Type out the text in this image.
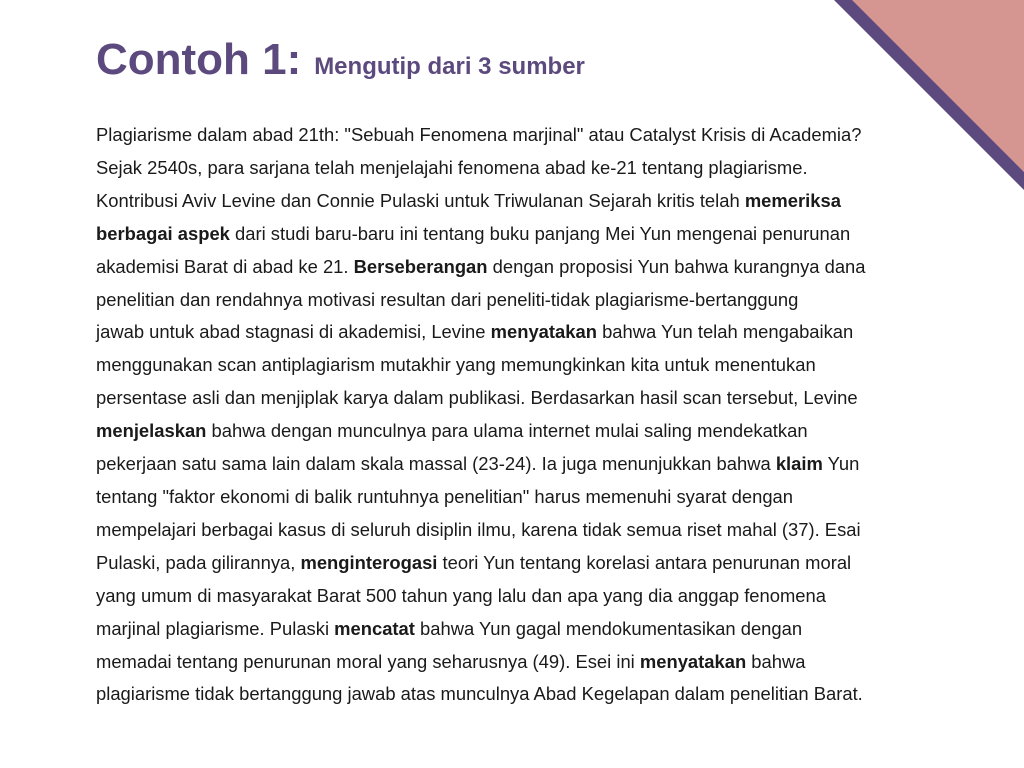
Contoh 1: Mengutip dari 3 sumber
Plagiarisme dalam abad 21th: "Sebuah Fenomena marjinal" atau Catalyst Krisis di Academia?
Sejak 2540s, para sarjana telah menjelajahi fenomena abad ke-21 tentang plagiarisme.
Kontribusi Aviv Levine dan Connie Pulaski untuk Triwulanan Sejarah kritis telah memeriksa
berbagai aspek dari studi baru-baru ini tentang buku panjang Mei Yun mengenai penurunan
akademisi Barat di abad ke 21. Berseberangan dengan proposisi Yun bahwa kurangnya dana
penelitian dan rendahnya motivasi resultan dari peneliti-tidak plagiarisme-bertanggung
jawab untuk abad stagnasi di akademisi, Levine menyatakan bahwa Yun telah mengabaikan
menggunakan scan antiplagiarism mutakhir yang memungkinkan kita untuk menentukan
persentase asli dan menjiplak karya dalam publikasi. Berdasarkan hasil scan tersebut, Levine
menjelaskan bahwa dengan munculnya para ulama internet mulai saling mendekatkan
pekerjaan satu sama lain dalam skala massal (23-24). Ia juga menunjukkan bahwa klaim Yun
tentang "faktor ekonomi di balik runtuhnya penelitian" harus memenuhi syarat dengan
mempelajari berbagai kasus di seluruh disiplin ilmu, karena tidak semua riset mahal (37). Esai
Pulaski, pada gilirannya, menginterogasi teori Yun tentang korelasi antara penurunan moral
yang umum di masyarakat Barat 500 tahun yang lalu dan apa yang dia anggap fenomena
marjinal plagiarisme. Pulaski mencatat bahwa Yun gagal mendokumentasikan dengan
memadai tentang penurunan moral yang seharusnya (49). Esei ini menyatakan bahwa
plagiarisme tidak bertanggung jawab atas munculnya Abad Kegelapan dalam penelitian Barat.
